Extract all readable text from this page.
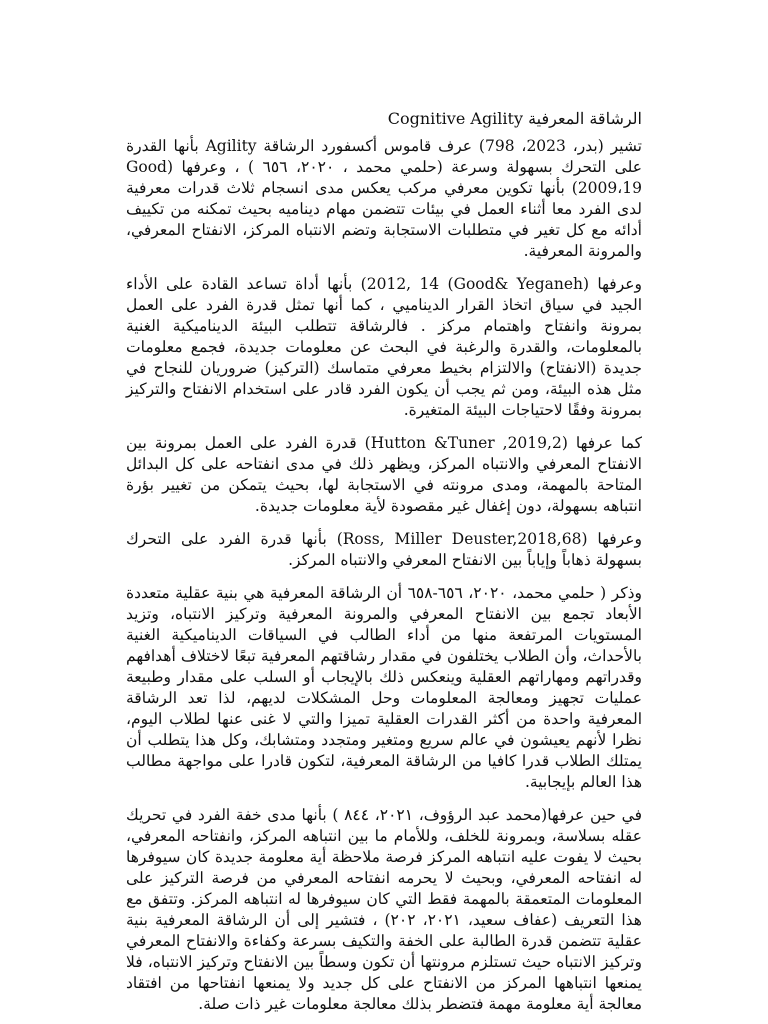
الرشاقة المعرفية Cognitive Agility

تشير (بدر، 2023، 798) عرف قاموس أكسفورد الرشاقة Agility بأنها القدرة على التحرك بسهولة وسرعة (حلمي محمد ، ٢٠٢٠، ٦٥٦ ) ، وعرفها (Good 2009،19) بأنها تكوين معرفي مركب يعكس مدى انسجام ثلاث قدرات معرفية لدى الفرد معا أثناء العمل في بيئات تتضمن مهام ديناميه بحيث تمكنه من تكييف أدائه مع كل تغير في متطلبات الاستجابة وتضم الانتباه المركز، الانفتاح المعرفي، والمرونة المعرفية.

وعرفها (Good& Yeganeh) 2012, 14) بأنها أداة تساعد القادة على الأداء الجيد في سياق اتخاذ القرار الديناميي ، كما أنها تمثل قدرة الفرد على العمل بمرونة وانفتاح واهتمام مركز . فالرشاقة تتطلب البيئة الديناميكية الغنية بالمعلومات، والقدرة والرغبة في البحث عن معلومات جديدة، فجمع معلومات جديدة (الانفتاح) والالتزام بخيط معرفي متماسك (التركيز) ضروريان للنجاح في مثل هذه البيئة، ومن ثم يجب أن يكون الفرد قادر على استخدام الانفتاح والتركيز بمرونة وفقًا لاحتياجات البيئة المتغيرة.

كما عرفها (Hutton &Tuner ,2019,2) قدرة الفرد على العمل بمرونة بين الانفتاح المعرفي والانتباه المركز، ويظهر ذلك في مدى انفتاحه على كل البدائل المتاحة بالمهمة، ومدى مرونته في الاستجابة لها، بحيث يتمكن من تغيير بؤرة انتباهه بسهولة، دون إغفال غير مقصودة لأية معلومات جديدة.

وعرفها (Ross, Miller Deuster,2018,68) بأنها قدرة الفرد على التحرك بسهولة ذهاباً وإياباً بين الانفتاح المعرفي والانتباه المركز.

وذكر ( حلمي محمد، ٢٠٢٠، ٦٥٦-٦٥٨ أن الرشاقة المعرفية هي بنية عقلية متعددة الأبعاد تجمع بين الانفتاح المعرفي والمرونة المعرفية وتركيز الانتباه، وتزيد المستويات المرتفعة منها من أداء الطالب في السياقات الديناميكية الغنية بالأحداث، وأن الطلاب يختلفون في مقدار رشاقتهم المعرفية تبعًا لاختلاف أهدافهم وقدراتهم ومهاراتهم العقلية وينعكس ذلك بالإيجاب أو السلب على مقدار وطبيعة عمليات تجهيز ومعالجة المعلومات وحل المشكلات لديهم، لذا تعد الرشاقة المعرفية واحدة من أكثر القدرات العقلية تميزا والتي لا غنى عنها لطلاب اليوم، نظرا لأنهم يعيشون في عالم سريع ومتغير ومتجدد ومتشابك، وكل هذا يتطلب أن يمتلك الطلاب قدرا كافيا من الرشاقة المعرفية، لتكون قادرا على مواجهة مطالب هذا العالم بإيجابية.

في حين عرفها(محمد عبد الرؤوف، ٢٠٢١، ٨٤٤ ) بأنها مدى خفة الفرد في تحريك عقله بسلاسة، وبمرونة للخلف، وللأمام ما بين انتباهه المركز، وانفتاحه المعرفي، بحيث لا يفوت عليه انتباهه المركز فرصة ملاحظة أية معلومة جديدة كان سيوفرها له انفتاحه المعرفي، وبحيث لا يحرمه انفتاحه المعرفي من فرصة التركيز على المعلومات المتعمقة بالمهمة فقط التي كان سيوفرها له انتباهه المركز. وتتفق مع هذا التعريف (عفاف سعيد، ٢٠٢١، ٢٠٢) ، فتشير إلى أن الرشاقة المعرفية بنية عقلية تتضمن قدرة الطالبة على الخفة والتكيف بسرعة وكفاءة والانفتاح المعرفي وتركيز الانتباه حيث تستلزم مرونتها أن تكون وسطاً بين الانفتاح وتركيز الانتباه، فلا يمنعها انتباهها المركز من الانفتاح على كل جديد ولا يمنعها انفتاحها من افتقاد معالجة أية معلومة مهمة فتضطر بذلك معالجة معلومات غير ذات صلة.
